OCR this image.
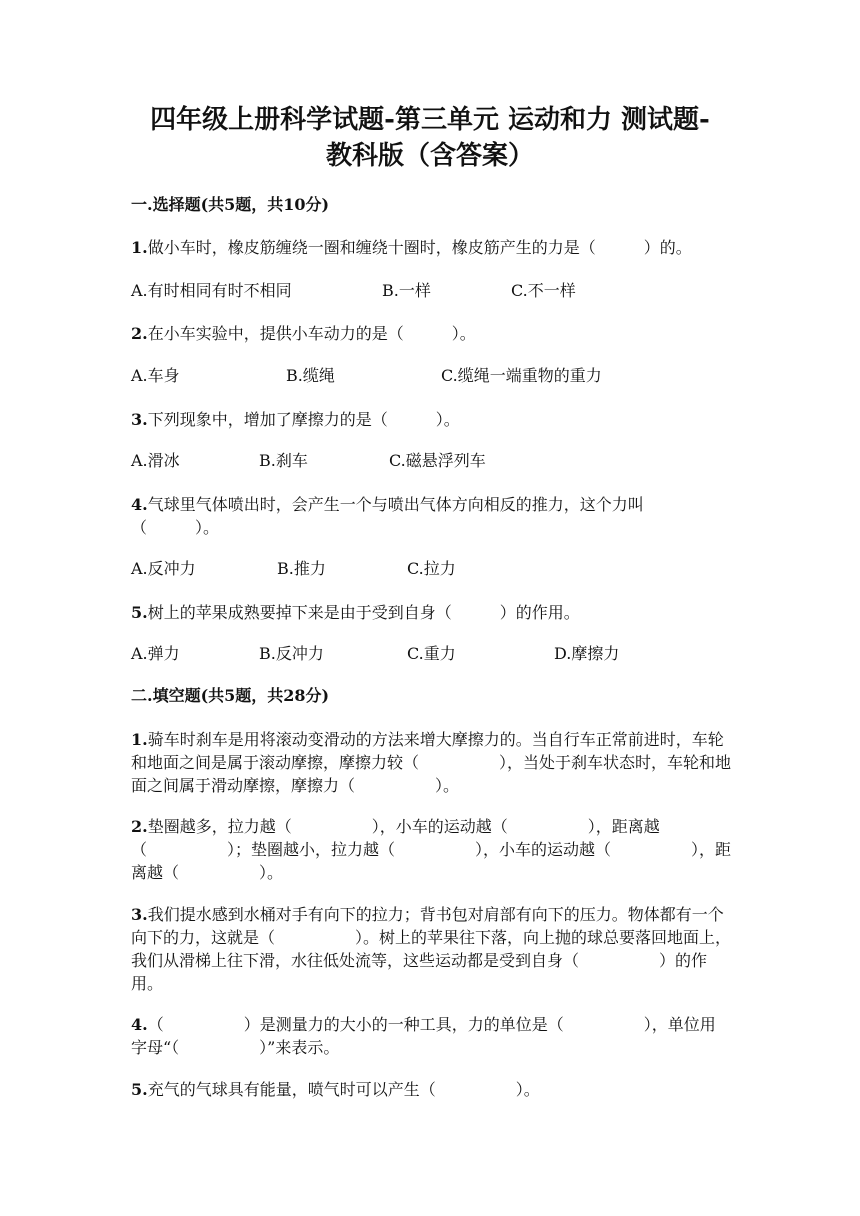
四年级上册科学试题-第三单元 运动和力 测试题-
教科版（含答案）
一.选择题(共5题，共10分)
1.做小车时，橡皮筋缠绕一圈和缠绕十圈时，橡皮筋产生的力是（　　　）的。
A.有时相同有时不相同	B.一样	C.不一样
2.在小车实验中，提供小车动力的是（　　　）。
A.车身	B.缆绳	C.缆绳一端重物的重力
3.下列现象中，增加了摩擦力的是（　　　）。
A.滑冰	B.刹车	C.磁悬浮列车
4.气球里气体喷出时，会产生一个与喷出气体方向相反的推力，这个力叫
（　　　）。
A.反冲力	B.推力	C.拉力
5.树上的苹果成熟要掉下来是由于受到自身（　　　）的作用。
A.弹力	B.反冲力	C.重力	D.摩擦力
二.填空题(共5题，共28分)
1.骑车时刹车是用将滚动变滑动的方法来增大摩擦力的。当自行车正常前进时，车轮和地面之间是属于滚动摩擦，摩擦力较（　　　　　），当处于刹车状态时，车轮和地面之间属于滑动摩擦，摩擦力（　　　　　）。
2.垫圈越多，拉力越（　　　　　），小车的运动越（　　　　　），距离越（　　　　　）；垫圈越小，拉力越（　　　　　），小车的运动越（　　　　　），距离越（　　　　　）。
3.我们提水感到水桶对手有向下的拉力；背书包对肩部有向下的压力。物体都有一个向下的力，这就是（　　　　　）。树上的苹果往下落，向上抛的球总要落回地面上，我们从滑梯上往下滑，水往低处流等，这些运动都是受到自身（　　　　　）的作用。
4.（　　　　　）是测量力的大小的一种工具，力的单位是（　　　　　），单位用字母“（　　　　　）”来表示。
5.充气的气球具有能量，喷气时可以产生（　　　　　）。
